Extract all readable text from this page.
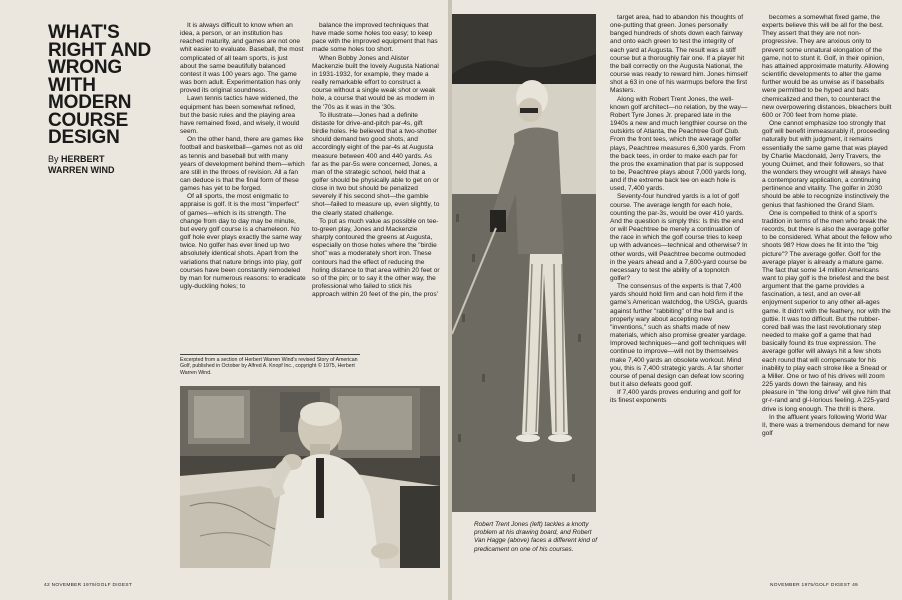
WHAT'S
RIGHT AND
WRONG
WITH
MODERN
COURSE
DESIGN
By HERBERT
WARREN WIND

It is always difficult to know when an idea, a person, or an institution has reached maturity, and games are not one whit easier to evaluate. Baseball, the most complicated of all team sports, is just about the same beautifully balanced contest it was 100 years ago. The game was born adult. Experimentation has only proved its original soundness.

Lawn tennis tactics have widened, the equipment has been somewhat refined, but the basic rules and the playing area have remained fixed, and wisely, it would seem.

On the other hand, there are games like football and basketball—games not as old as tennis and baseball but with many years of development behind them—which are still in the throes of revision. All a fan can deduce is that the final form of these games has yet to be forged.

Of all sports, the most enigmatic to appraise is golf. It is the most "imperfect" of games—which is its strength. The change from day to day may be minute, but every golf course is a chameleon. No golf hole ever plays exactly the same way twice. No golfer has ever lined up two absolutely identical shots. Apart from the variations that nature brings into play, golf courses have been constantly remodeled by man for numerous reasons: to eradicate ugly-duckling holes; to

Excerpted from a section of Herbert Warren Wind's revised Story of American Golf, published in October by Alfred A. Knopf Inc., copyright © 1975, Herbert Warren Wind.

balance the improved techniques that have made some holes too easy; to keep pace with the improved equipment that has made some holes too short.

When Bobby Jones and Alister Mackenzie built the lovely Augusta National in 1931-1932, for example, they made a really remarkable effort to construct a course without a single weak shot or weak hole, a course that would be as modern in the '70s as it was in the '30s.

To illustrate—Jones had a definite distaste for drive-and-pitch par-4s, gift birdie holes. He believed that a two-shotter should demand two good shots, and accordingly eight of the par-4s at Augusta measure between 400 and 440 yards. As far as the par-5s were concerned, Jones, a man of the strategic school, held that a golfer should be physically able to get on or close in two but should be penalized severely if his second shot—the gamble shot—failed to measure up, even slightly, to the clearly stated challenge.

To put as much value as possible on tee-to-green play, Jones and Mackenzie sharply contoured the greens at Augusta, especially on those holes where the "birdie shot" was a moderately short iron. These contours had the effect of reducing the holing distance to that area within 20 feet or so of the pin; or to say it the other way, the professional who failed to stick his approach within 20 feet of the pin, the pros'

42 NOVEMBER 1975/GOLF DIGEST
Robert Trent Jones (left) tackles a knotty problem at his drawing board, and Robert Van Hagge (above) faces a different kind of predicament on one of his courses.

target area, had to abandon his thoughts of one-putting that green. Jones personally banged hundreds of shots down each fairway and onto each green to test the integrity of each yard at Augusta. The result was a stiff course but a thoroughly fair one. If a player hit the ball correctly on the Augusta National, the course was ready to reward him. Jones himself shot a 63 in one of his warmups before the first Masters.

Along with Robert Trent Jones, the well-known golf architect—no relation, by the way—Robert Tyre Jones Jr. prepared late in the 1940s a new and much lengthier course on the outskirts of Atlanta, the Peachtree Golf Club. From the front tees, which the average golfer plays, Peachtree measures 6,300 yards. From the back tees, in order to make each par for the pros the examination that par is supposed to be, Peachtree plays about 7,000 yards long, and if the extreme back tee on each hole is used, 7,400 yards.

Seventy-four hundred yards is a lot of golf course. The average length for each hole, counting the par-3s, would be over 410 yards. And the question is simply this: Is this the end or will Peachtree be merely a continuation of the race in which the golf course tries to keep up with advances—technical and otherwise? In other words, will Peachtree become outmoded in the years ahead and a 7,600-yard course be necessary to test the ability of a topnotch golfer?

The consensus of the experts is that 7,400 yards should hold firm and can hold firm if the game's American watchdog, the USGA, guards against further "rabbiting" of the ball and is properly wary about accepting new "inventions," such as shafts made of new materials, which also promise greater yardage. Improved techniques—and golf techniques will continue to improve—will not by themselves make 7,400 yards an obsolete workout. Mind you, this is 7,400 strategic yards. A far shorter course of penal design can defeat low scoring but it also defeats good golf.

If 7,400 yards proves enduring and golf for its finest exponents

becomes a somewhat fixed game, the experts believe this will be all for the best. They assert that they are not non-progressive. They are anxious only to prevent some unnatural elongation of the game, not to stunt it. Golf, in their opinion, has attained approximate maturity. Allowing scientific developments to alter the game further would be as unwise as if baseballs were permitted to be hyped and bats chemicalized and then, to counteract the new overpowering distances, bleachers built 600 or 700 feet from home plate.

One cannot emphasize too strongly that golf will benefit immeasurably if, proceeding naturally but with judgment, it remains essentially the same game that was played by Charlie Macdonald, Jerry Travers, the young Ouimet, and their followers, so that the wonders they wrought will always have a contemporary application, a continuing pertinence and vitality. The golfer in 2030 should be able to recognize instinctively the genius that fashioned the Grand Slam.

One is compelled to think of a sport's tradition in terms of the men who break the records, but there is also the average golfer to be considered. What about the fellow who shoots 98? How does he fit into the "big picture"? The average golfer. Golf for the average player is already a mature game. The fact that some 14 million Americans want to play golf is the briefest and the best argument that the game provides a fascination, a test, and an over-all enjoyment superior to any other all-ages game. It didn't with the feathery, nor with the guttie. It was too difficult. But the rubber-cored ball was the last revolutionary step needed to make golf a game that had basically found its true expression. The average golfer will always hit a few shots each round that will compensate for his inability to play each stroke like a Snead or a Miller. One or two of his drives will zoom 225 yards down the fairway, and his pleasure in "the long drive" will give him that gr-r-rand and gl-l-lorious feeling. A 225-yard drive is long enough. The thrill is there.

In the affluent years following World War II, there was a tremendous demand for new golf

NOVEMBER 1975/GOLF DIGEST 49
